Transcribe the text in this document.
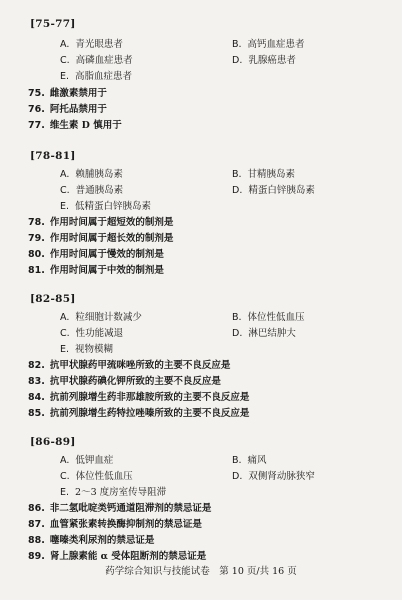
[75-77]
A. 青光眼患者	B. 高钙血症患者
C. 高磷血症患者	D. 乳腺癌患者
E. 高脂血症患者
75. 雌激素禁用于
76. 阿托品禁用于
77. 维生素 D 慎用于
[78-81]
A. 赖脯胰岛素	B. 甘精胰岛素
C. 普通胰岛素	D. 精蛋白锌胰岛素
E. 低精蛋白锌胰岛素
78. 作用时间属于超短效的制剂是
79. 作用时间属于超长效的制剂是
80. 作用时间属于慢效的制剂是
81. 作用时间属于中效的制剂是
[82-85]
A. 粒细胞计数减少	B. 体位性低血压
C. 性功能减退	D. 淋巴结肿大
E. 视物模糊
82. 抗甲状腺药甲巯咪唑所致的主要不良反应是
83. 抗甲状腺药碘化钾所致的主要不良反应是
84. 抗前列腺增生药非那雄胺所致的主要不良反应是
85. 抗前列腺增生药特拉唑嗪所致的主要不良反应是
[86-89]
A. 低钾血症	B. 痛风
C. 体位性低血压	D. 双侧肾动脉狭窄
E. 2～3 度房室传导阻滞
86. 非二氢吡啶类钙通道阻滞剂的禁忌证是
87. 血管紧张素转换酶抑制剂的禁忌证是
88. 噻嗪类利尿剂的禁忌证是
89. 肾上腺素能 α 受体阻断剂的禁忌证是
药学综合知识与技能试卷　第 10 页/共 16 页
